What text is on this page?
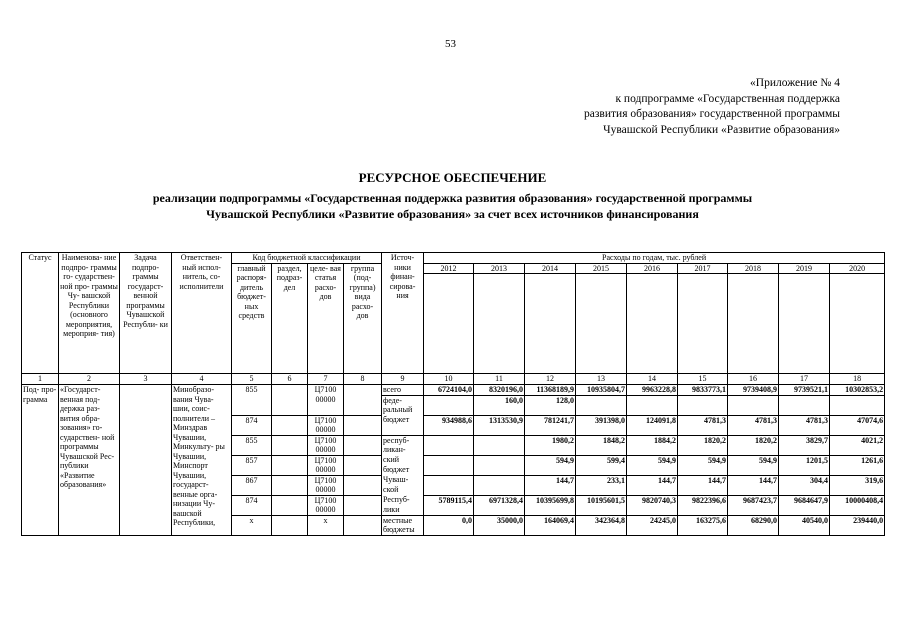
53
«Приложение № 4
к подпрограмме «Государственная поддержка
развития образования» государственной программы
Чувашской Республики «Развитие образования»
РЕСУРСНОЕ ОБЕСПЕЧЕНИЕ
реализации подпрограммы «Государственная поддержка развития образования» государственной программы
Чувашской Республики «Развитие образования» за счет всех источников финансирования
Статус	Наименова- ние подпро- граммы го- сударствен- ной про- граммы Чу- вашской Республики (основного мероприятия, мероприя- тия)	Задача подпро- граммы государст- венной программы Чувашской Республи- ки	Ответствен- ный испол- нитель, со- исполнители	Код бюджетной классификации				Источ- ники финан- сирова- ния	Расходы по годам, тыс. рублей								
				главный распоря- дитель бюджет- ных средств	раздел, подраз- дел	целе- вая статья расхо- дов	группа (под- группа) вида расхо- дов		2012	2013	2014	2015	2016	2017	2018	2019	2020

1	2	3	4	5	6	7	8	9	10	11	12	13	14	15	16	17	18
Под- про- грамма	«Государст- венная под- держка раз- вития обра- зования» го- сударствен- ной программы Чувашской Рес- публики «Развитие образования»		Минобразо- вания Чува- шии, соис- полнители – Минздрав Чувашии, Минкульту- ры Чувашии, Минспорт Чувашии, государст- венные орга- низации Чу- вашской Республики,	855		Ц7100 00000		всего	6724104,0	8320196,0	11368189,9	10935804,7	9963228,8	9833773,1	9739408,9	9739521,1	10302853,2
								феде- ральный		160,0	128,0						
				874		Ц7100 00000		бюджет	934988,6	1313530,9	781241,7	391398,0	124091,8	4781,3	4781,3	4781,3	47074,6
				855		Ц7100 00000		респуб- ликан-			1980,2	1848,2	1884,2	1820,2	1820,2	3829,7	4021,2
				857		Ц7100 00000		ский бюджет			594,9	599,4	594,9	594,9	594,9	1201,5	1261,6
				867		Ц7100 00000		Чуваш- ской			144,7	233,1	144,7	144,7	144,7	304,4	319,6
				874		Ц7100 00000		Респуб- лики	5789115,4	6971328,4	10395699,8	10195601,5	9820740,3	9822396,6	9687423,7	9684647,9	10000408,4
				x		x		местные бюджеты	0,0	35000,0	164069,4	342364,8	24245,0	163275,6	68290,0	40540,0	239440,0
